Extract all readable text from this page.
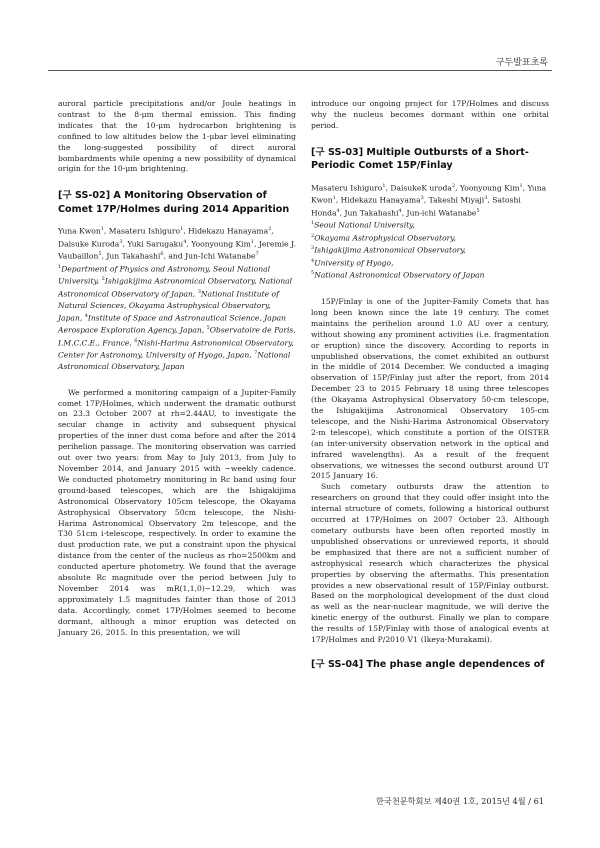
구두발표초록

auroral particle precipitations and/or Joule heatings in contrast to the 8-μm thermal emission. This finding indicates that the 10-μm hydrocarbon brightening is confined to low altitudes below the 1-μbar level eliminating the long-suggested possibility of direct auroral bombardments while opening a new possibility of dynamical origin for the 10-μm brightening.

[구 SS-02] A Monitoring Observation of Comet 17P/Holmes during 2014 Apparition

Yuna Kwon$^1$, Masateru Ishiguro$^1$, Hidekazu Hanayama$^2$, Daisuke Kuroda$^3$, Yuki Sarugaku$^4$, Yoonyoung Kim$^1$, Jeremie J. Vaubaillon$^5$, Jun Takahashi$^6$, and Jun-Ichi Watanabe$^7$

$^1$Department of Physics and Astronomy, Seoul National University, $^2$Ishigakijima Astronomical Observatory, National Astronomical Observatory of Japan, $^3$National Institute of Natural Sciences, Okayama Astrophysical Observatory, Japan, $^4$Institute of Space and Astronautical Science, Japan Aerospace Exploration Agency, Japan, $^5$Observatoire de Paris, I.M.C.C.E., France, $^6$Nishi-Harima Astronomical Observatory, Center for Astronomy, University of Hyogo, Japan, $^7$National Astronomical Observatory, Japan

We performed a monitoring campaign of a Jupiter-Family comet 17P/Holmes, which underwent the dramatic outburst on 23.3 October 2007 at rh=2.44AU, to investigate the secular change in activity and subsequent physical properties of the inner dust coma before and after the 2014 perihelion passage. The monitoring observation was carried out over two years: from May to July 2013, from July to November 2014, and January 2015 with ~weekly cadence. We conducted photometry monitoring in Rc band using four ground-based telescopes, which are the Ishigakijima Astronomical Observatory 105cm telescope, the Okayama Astrophysical Observatory 50cm telescope, the Nishi-Harima Astronomical Observatory 2m telescope, and the T30 51cm i-telescope, respectively. In order to examine the dust production rate, we put a constraint upon the physical distance from the center of the nucleus as rho=2500km and conducted aperture photometry. We found that the average absolute Rc magnitude over the period between July to November 2014 was mR(1,1,0)~12.29, which was approximately 1.5 magnitudes fainter than those of 2013 data. Accordingly, comet 17P/Holmes seemed to become dormant, although a minor eruption was detected on January 26, 2015. In this presentation, we will

introduce our ongoing project for 17P/Holmes and discuss why the nucleus becomes dormant within one orbital period.

[구 SS-03] Multiple Outbursts of a Short-Periodic Comet 15P/Finlay

Masateru Ishiguro$^1$, DaisukeK uroda$^2$, Yoonyoung Kim$^1$, Yuna Kwon$^1$, Hidekazu Hanayama$^3$, Takeshi Miyaji$^3$, Satoshi Honda$^4$, Jun Takahashi$^4$, Jun-ichi Watanabe$^5$

$^1$Seoul National University,
$^2$Okayama Astrophysical Observatory,
$^3$Ishigakijima Astronomical Observatory,
$^4$University of Hyogo,
$^5$National Astronomical Observatory of Japan

15P/Finlay is one of the Jupiter-Family Comets that has long been known since the late 19 century. The comet maintains the perihelion around 1.0 AU over a century, without showing any prominent activities (i.e. fragmentation or eruption) since the discovery. According to reports in unpublished observations, the comet exhibited an outburst in the middle of 2014 December. We conducted a imaging observation of 15P/Finlay just after the report, from 2014 December 23 to 2015 February 18 using three telescopes (the Okayama Astrophysical Observatory 50-cm telescope, the Ishigakijima Astronomical Observatory 105-cm telescope, and the Nishi-Harima Astronomical Observatory 2-m telescope), which constitute a portion of the OISTER (an inter-university observation network in the optical and infrared wavelengths). As a result of the frequent observations, we witnesses the second outburst around UT 2015 January 16.

Such cometary outbursts draw the attention to researchers on ground that they could offer insight into the internal structure of comets, following a historical outburst occurred at 17P/Holmes on 2007 October 23. Although cometary outbursts have been often reported mostly in unpublished observations or unreviewed reports, it should be emphasized that there are not a sufficient number of astrophysical research which characterizes the physical properties by observing the aftermaths. This presentation provides a new observational result of 15P/Finlay outburst. Based on the morphological development of the dust cloud as well as the near-nuclear magnitude, we will derive the kinetic energy of the outburst. Finally we plan to compare the results of 15P/Finlay with those of analogical events at 17P/Holmes and P/2010 V1 (Ikeya-Murakami).

[구 SS-04] The phase angle dependences of
한국천문학회보 제40권 1호, 2015년 4월 / 61
